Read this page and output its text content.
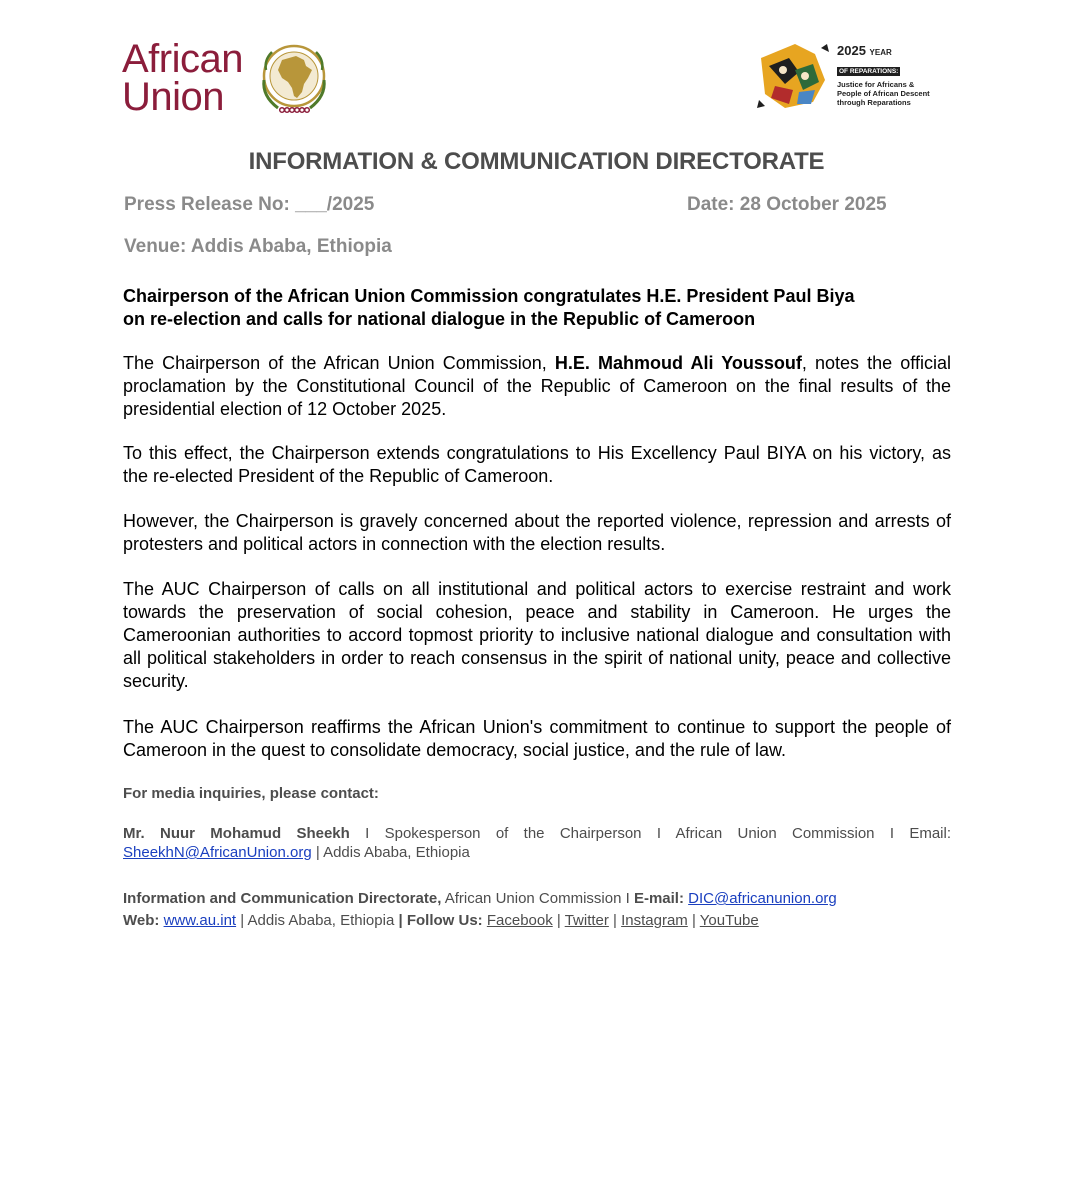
African
Union
2025 YEAR
OF REPARATIONS:
Justice for Africans &
People of African Descent
through Reparations
INFORMATION & COMMUNICATION DIRECTORATE
Press Release No: ___/2025	Date: 28 October 2025
Venue: Addis Ababa, Ethiopia
Chairperson of the African Union Commission congratulates H.E. President Paul Biya
on re-election and calls for national dialogue in the Republic of Cameroon
The Chairperson of the African Union Commission, H.E. Mahmoud Ali Youssouf, notes the official proclamation by the Constitutional Council of the Republic of Cameroon on the final results of the presidential election of 12 October 2025.
To this effect, the Chairperson extends congratulations to His Excellency Paul BIYA on his victory, as the re-elected President of the Republic of Cameroon.
However, the Chairperson is gravely concerned about the reported violence, repression and arrests of protesters and political actors in connection with the election results.
The AUC Chairperson of calls on all institutional and political actors to exercise restraint and work towards the preservation of social cohesion, peace and stability in Cameroon. He urges the Cameroonian authorities to accord topmost priority to inclusive national dialogue and consultation with all political stakeholders in order to reach consensus in the spirit of national unity, peace and collective security.
The AUC Chairperson reaffirms the African Union's commitment to continue to support the people of Cameroon in the quest to consolidate democracy, social justice, and the rule of law.
For media inquiries, please contact:
Mr. Nuur Mohamud Sheekh I Spokesperson of the Chairperson I African Union Commission I Email: SheekhN@AfricanUnion.org | Addis Ababa, Ethiopia
Information and Communication Directorate, African Union Commission I E-mail: DIC@africanunion.org
Web: www.au.int | Addis Ababa, Ethiopia | Follow Us: Facebook | Twitter | Instagram | YouTube
